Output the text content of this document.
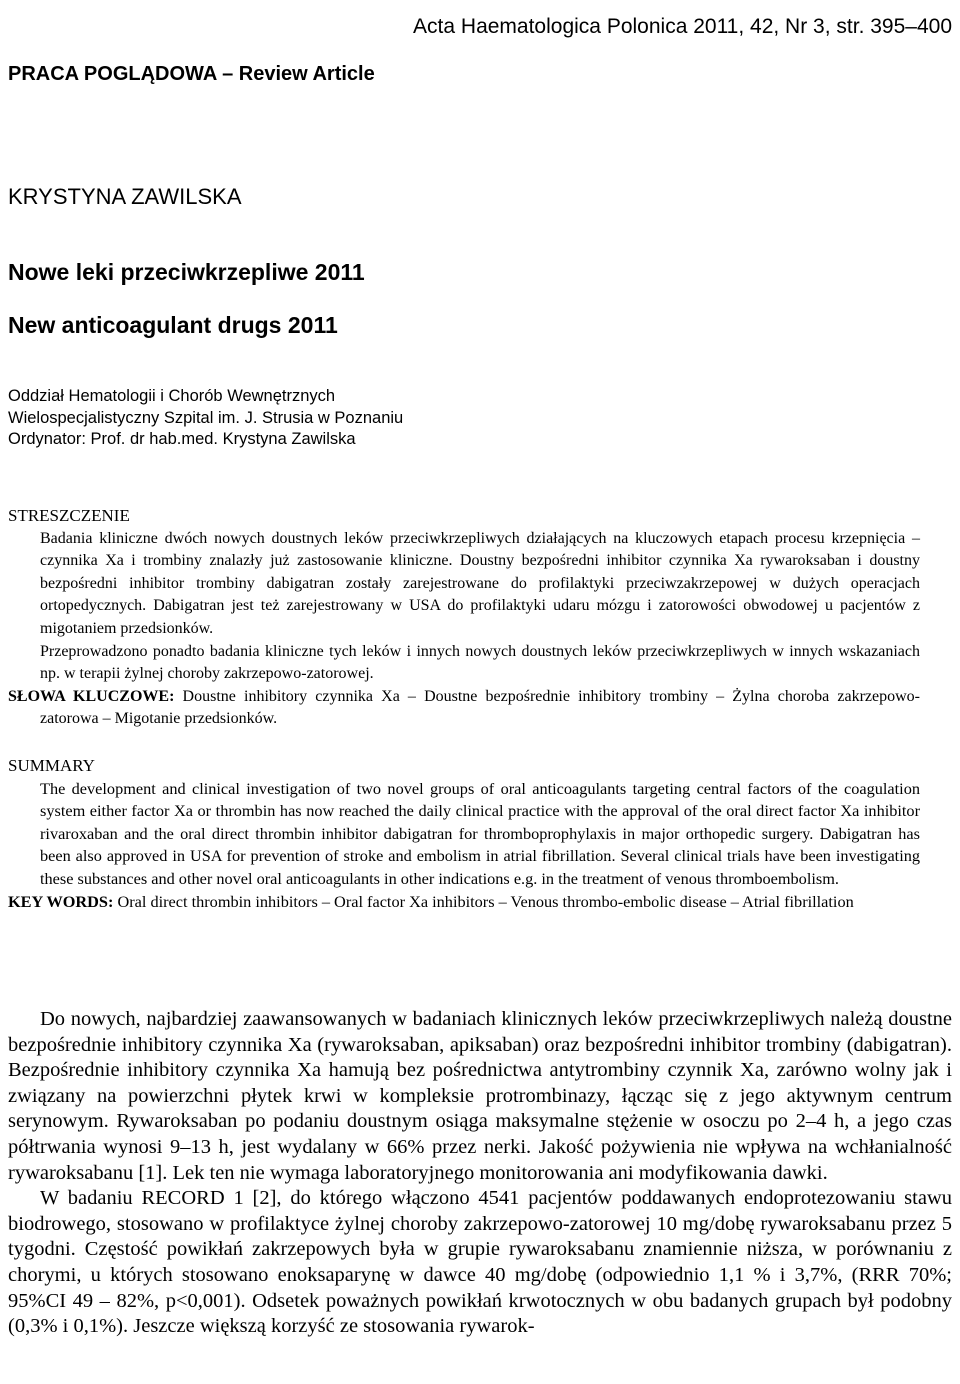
Acta Haematologica Polonica 2011, 42, Nr 3, str. 395–400
PRACA POGLĄDOWA – Review Article
KRYSTYNA ZAWILSKA
Nowe leki przeciwkrzepliwe 2011
New anticoagulant drugs 2011
Oddział Hematologii i Chorób Wewnętrznych
Wielospecjalistyczny Szpital im. J. Strusia w Poznaniu
Ordynator: Prof. dr hab.med. Krystyna Zawilska
STRESZCZENIE
Badania kliniczne dwóch nowych doustnych leków przeciwkrzepliwych działających na kluczowych etapach procesu krzepnięcia – czynnika Xa i trombiny znalazły już zastosowanie kliniczne. Doustny bezpośredni inhibitor czynnika Xa rywaroksaban i doustny bezpośredni inhibitor trombiny dabigatran zostały zarejestrowane do profilaktyki przeciwzakrzepowej w dużych operacjach ortopedycznych. Dabigatran jest też zarejestrowany w USA do profilaktyki udaru mózgu i zatorowości obwodowej u pacjentów z migotaniem przedsionków.
Przeprowadzono ponadto badania kliniczne tych leków i innych nowych doustnych leków przeciwkrzepliwych w innych wskazaniach np. w terapii żylnej choroby zakrzepowo-zatorowej.
SŁOWA KLUCZOWE: Doustne inhibitory czynnika Xa – Doustne bezpośrednie inhibitory trombiny – Żylna choroba zakrzepowo-zatorowa – Migotanie przedsionków.
SUMMARY
The development and clinical investigation of two novel groups of oral anticoagulants targeting central factors of the coagulation system either factor Xa or thrombin has now reached the daily clinical practice with the approval of the oral direct factor Xa inhibitor rivaroxaban and the oral direct thrombin inhibitor dabigatran for thromboprophylaxis in major orthopedic surgery. Dabigatran has been also approved in USA for prevention of stroke and embolism in atrial fibrillation. Several clinical trials have been investigating these substances and other novel oral anticoagulants in other indications e.g. in the treatment of venous thromboembolism.
KEY WORDS: Oral direct thrombin inhibitors – Oral factor Xa inhibitors – Venous thrombo-embolic disease – Atrial fibrillation

Do nowych, najbardziej zaawansowanych w badaniach klinicznych leków przeciwkrzepliwych należą doustne bezpośrednie inhibitory czynnika Xa (rywaroksaban, apiksaban) oraz bezpośredni inhibitor trombiny (dabigatran). Bezpośrednie inhibitory czynnika Xa hamują bez pośrednictwa antytrombiny czynnik Xa, zarówno wolny jak i związany na powierzchni płytek krwi w kompleksie protrombinazy, łącząc się z jego aktywnym centrum serynowym. Rywaroksaban po podaniu doustnym osiąga maksymalne stężenie w osoczu po 2–4 h, a jego czas półtrwania wynosi 9–13 h, jest wydalany w 66% przez nerki. Jakość pożywienia nie wpływa na wchłanialność rywaroksabanu [1]. Lek ten nie wymaga laboratoryjnego monitorowania ani modyfikowania dawki.

W badaniu RECORD 1 [2], do którego włączono 4541 pacjentów poddawanych endoprotezowaniu stawu biodrowego, stosowano w profilaktyce żylnej choroby zakrzepowo-zatorowej 10 mg/dobę rywaroksabanu przez 5 tygodni. Częstość powikłań zakrzepowych była w grupie rywaroksabanu znamiennie niższa, w porównaniu z chorymi, u których stosowano enoksaparynę w dawce 40 mg/dobę (odpowiednio 1,1 % i 3,7%, (RRR 70%; 95%CI 49 – 82%, p<0,001). Odsetek poważnych powikłań krwotocznych w obu badanych grupach był podobny (0,3% i 0,1%). Jeszcze większą korzyść ze stosowania rywarok-
